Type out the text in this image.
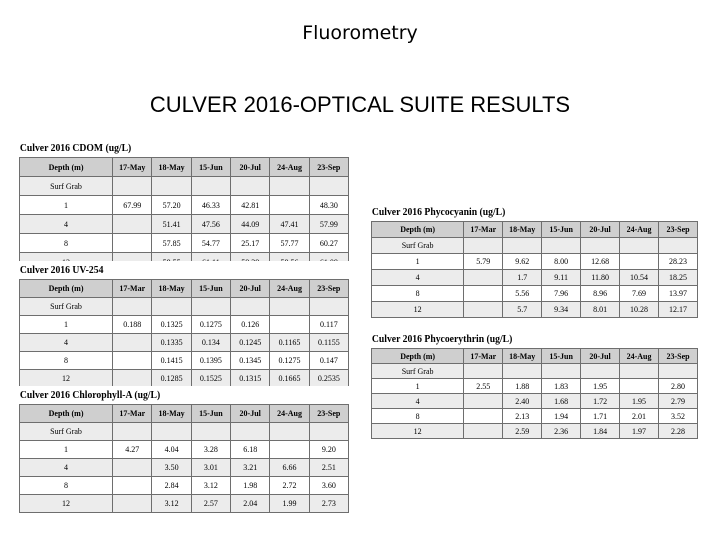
Fluorometry
CULVER 2016-OPTICAL SUITE RESULTS
Culver 2016 CDOM (ug/L)
Depth (m)	17-May	18-May	15-Jun	20-Jul	24-Aug	23-Sep
Surf Grab						
1	67.99	57.20	46.33	42.81		48.30
4		51.41	47.56	44.09	47.41	57.99
8		57.85	54.77	25.17	57.77	60.27

Culver 2016 UV-254
Depth (m)	17-Mar	18-May	15-Jun	20-Jul	24-Aug	23-Sep
Surf Grab						
1	0.188	0.1325	0.1275	0.126		0.117
4		0.1335	0.134	0.1245	0.1165	0.1155
8		0.1415	0.1395	0.1345	0.1275	0.147
12		0.1285	0.1525	0.1315	0.1665	0.2535
Culver 2016 Chlorophyll-A (ug/L)
Depth (m)	17-Mar	18-May	15-Jun	20-Jul	24-Aug	23-Sep
Surf Grab						
1	4.27	4.04	3.28	6.18		9.20
4		3.50	3.01	3.21	6.66	2.51
8		2.84	3.12	1.98	2.72	3.60
12		3.12	2.57	2.04	1.99	2.73
Culver 2016 Phycocyanin (ug/L)
Depth (m)	17-Mar	18-May	15-Jun	20-Jul	24-Aug	23-Sep
Surf Grab						
1	5.79	9.62	8.00	12.68		28.23
4		1.7	9.11	11.80	10.54	18.25
8		5.56	7.96	8.96	7.69	13.97
12		5.7	9.34	8.01	10.28	12.17
Culver 2016 Phycoerythrin (ug/L)
Depth (m)	17-Mar	18-May	15-Jun	20-Jul	24-Aug	23-Sep
Surf Grab						
1	2.55	1.88	1.83	1.95		2.80
4		2.40	1.68	1.72	1.95	2.79
8		2.13	1.94	1.71	2.01	3.52
12		2.59	2.36	1.84	1.97	2.28
